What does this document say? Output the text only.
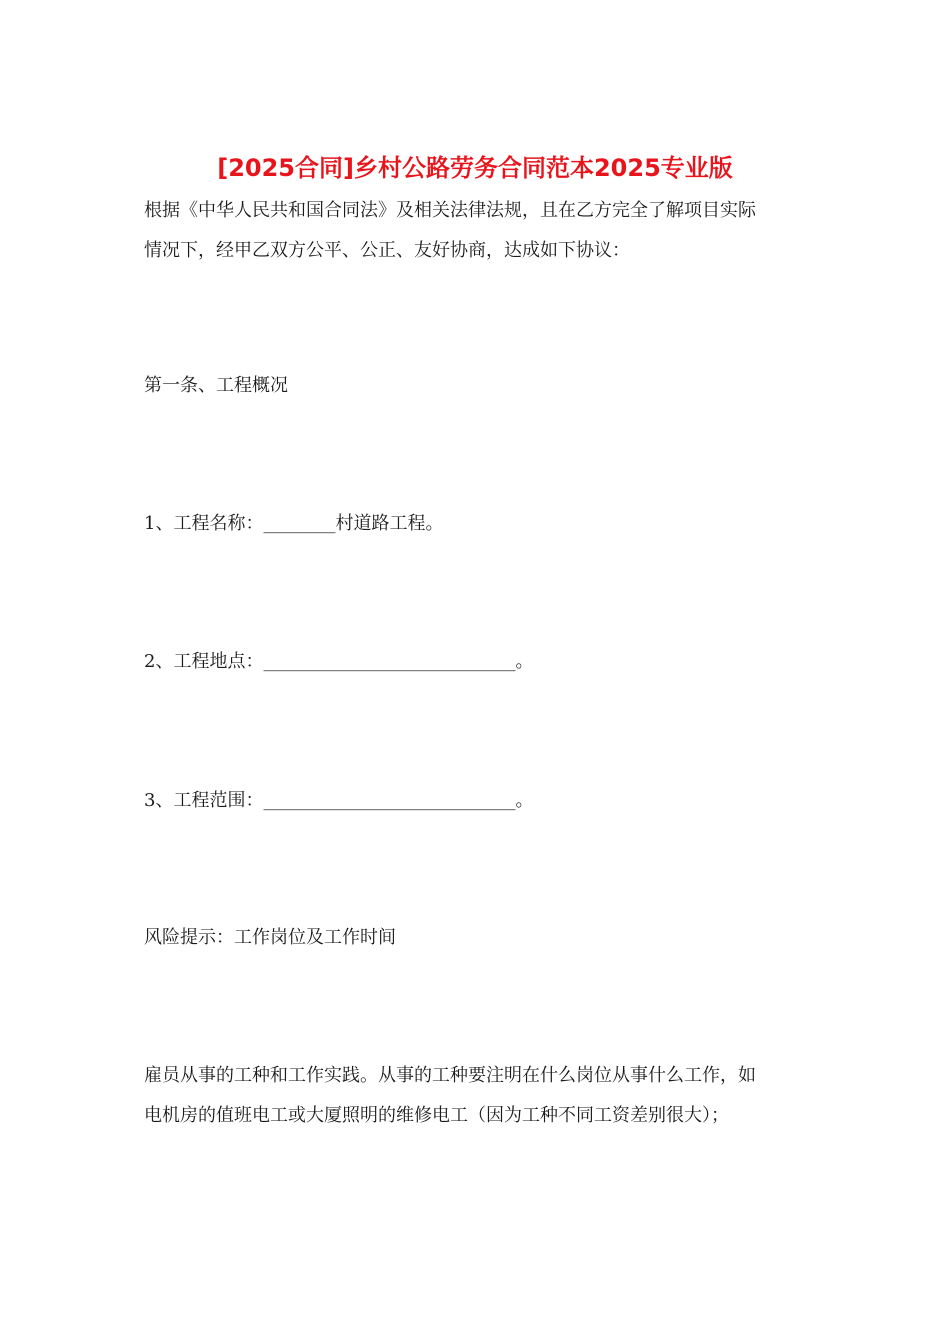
[2025合同]乡村公路劳务合同范本2025专业版
根据《中华人民共和国合同法》及相关法律法规，且在乙方完全了解项目实际
情况下，经甲乙双方公平、公正、友好协商，达成如下协议：
第一条、工程概况
1、工程名称：________村道路工程。
2、工程地点：____________________________。
3、工程范围：____________________________。
风险提示：工作岗位及工作时间
雇员从事的工种和工作实践。从事的工种要注明在什么岗位从事什么工作，如
电机房的值班电工或大厦照明的维修电工（因为工种不同工资差别很大）；
